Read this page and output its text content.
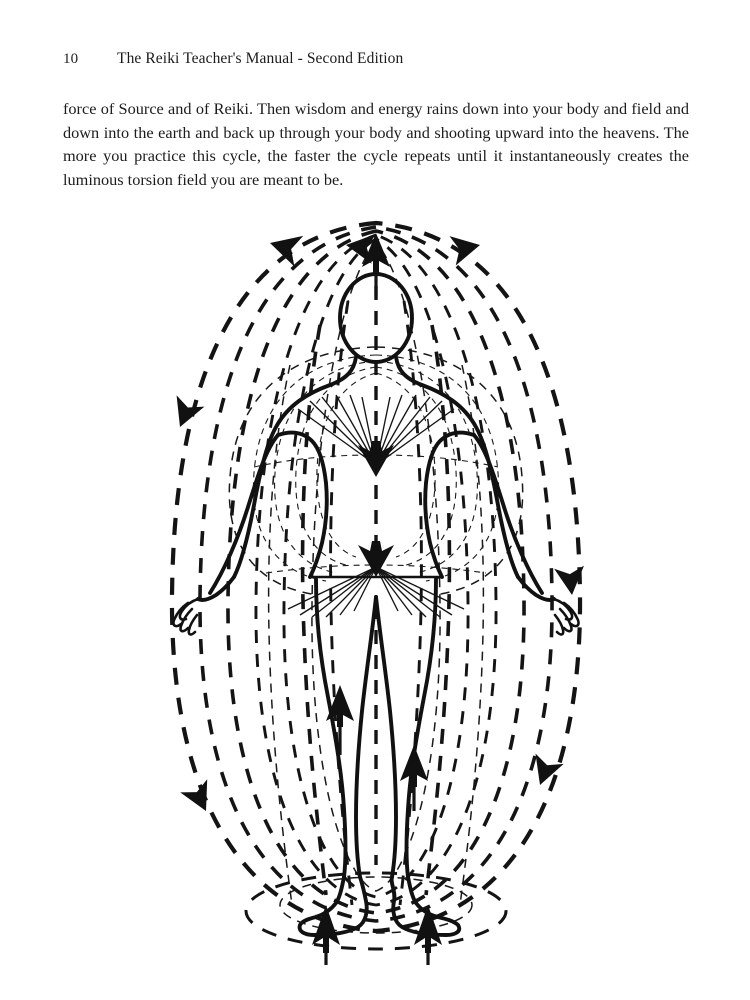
10	The Reiki Teacher's Manual - Second Edition

force of Source and of Reiki. Then wisdom and energy rains down into your body and field and down into the earth and back up through your body and shooting upward into the heavens. The more you practice this cycle, the faster the cycle repeats until it instantaneously creates the luminous torsion field you are meant to be.
